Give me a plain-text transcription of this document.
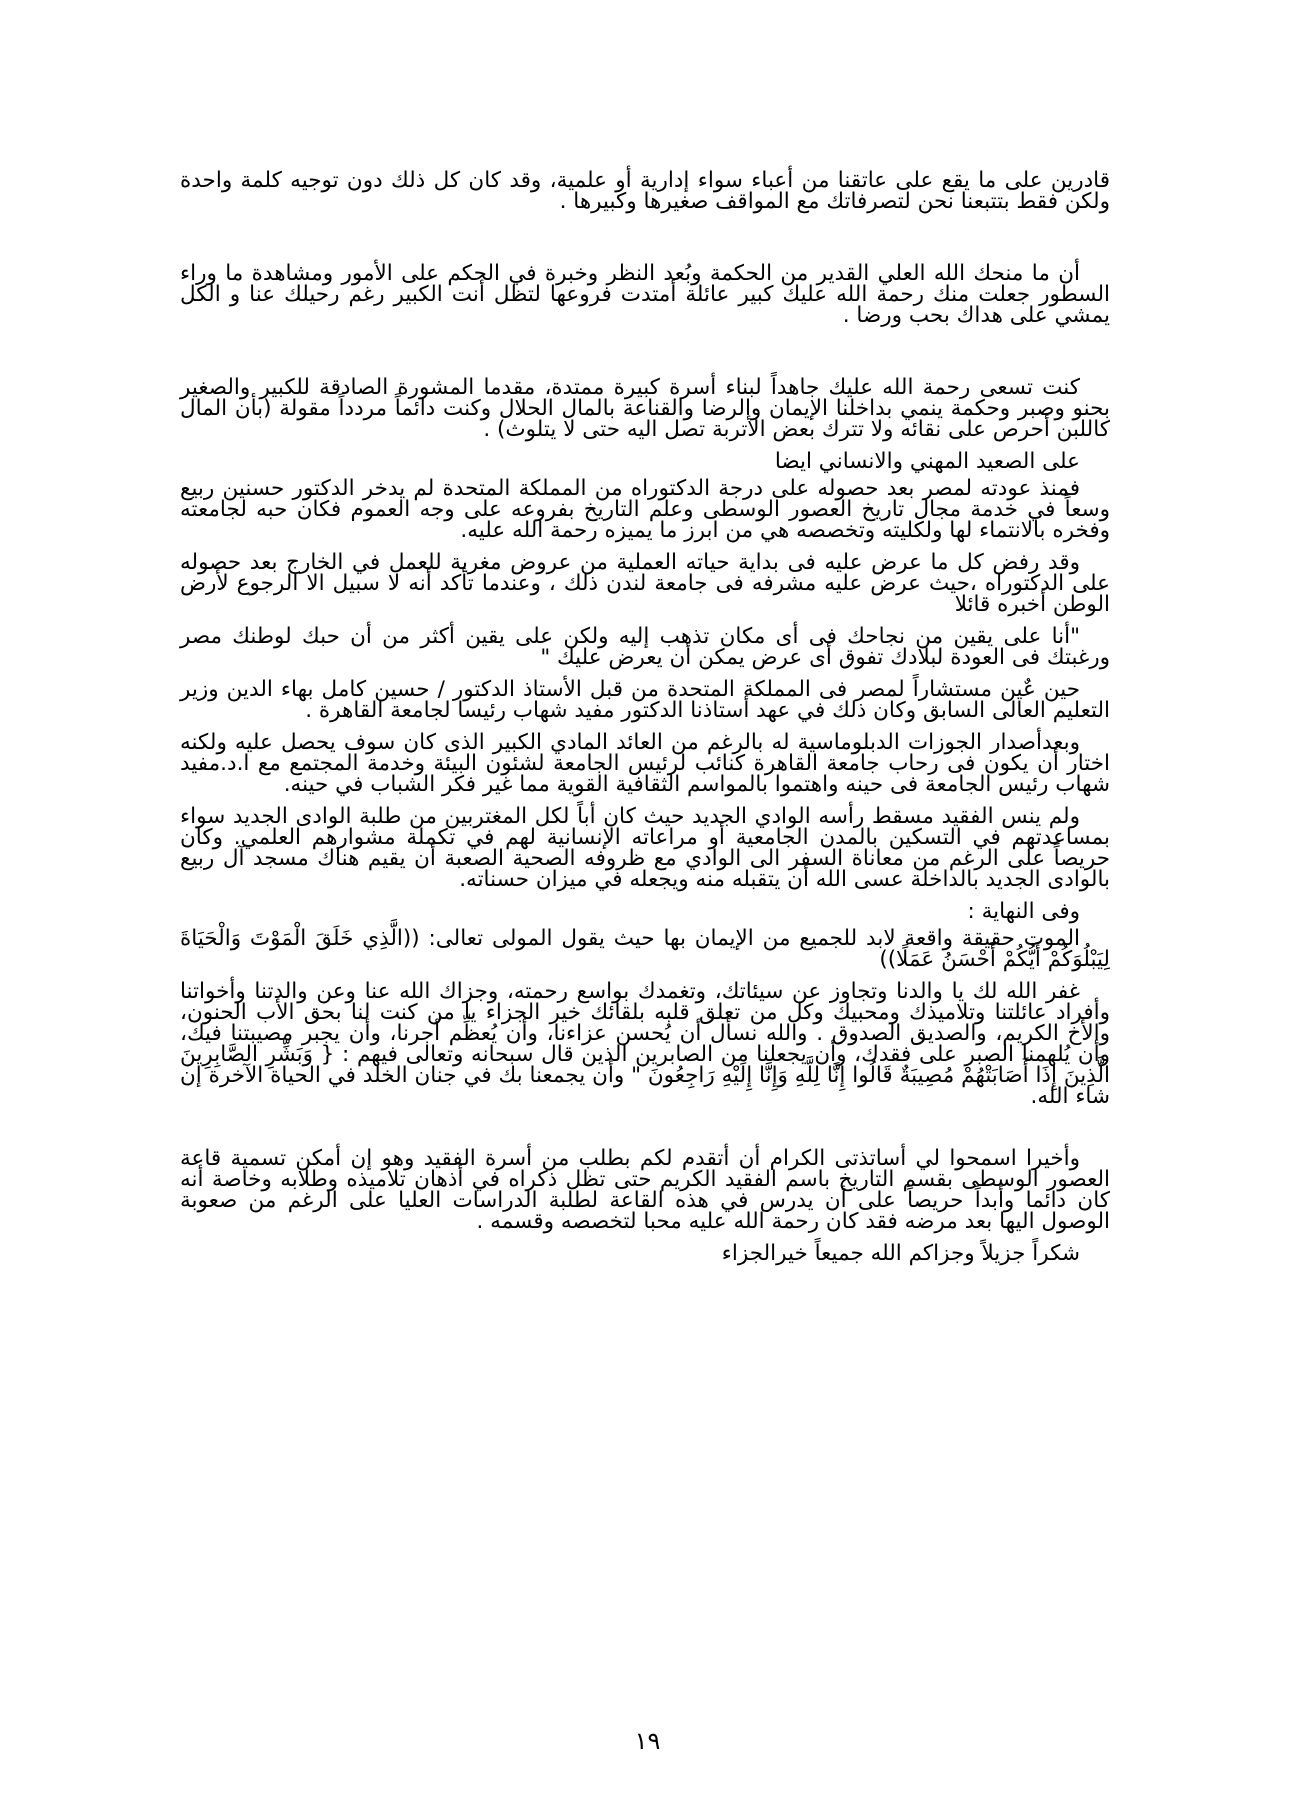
قادرين على ما يقع على عاتقنا من أعباء سواء إدارية أو علمية، وقد كان كل ذلك دون توجيه كلمة واحدة ولكن فقط بتتبعنا نحن لتصرفاتك مع المواقف صغيرها وكبيرها .

أن ما منحك الله العلي القدير من الحكمة وبُعد النظر وخبرة في الحكم على الأمور ومشاهدة ما وراء السطور جعلت منك رحمة الله عليك كبير عائلة أمتدت فروعها لتظل أنت الكبير رغم رحيلك عنا و الكل يمشي على هداك بحب ورضا .

كنت تسعى رحمة الله عليك جاهداً لبناء أسرة كبيرة ممتدة، مقدما المشورة الصادقة للكبير والصغير بحنو وصبر وحكمة ينمي بداخلنا الإيمان والرضا والقناعة بالمال الحلال وكنت دائماً مردداً مقولة (بأن المال كاللبن أحرص على نقائه ولا تترك بعض الأتربة تصل اليه حتى لا يتلوث) .

على الصعيد المهني والانساني ايضا

فمنذ عودته لمصر بعد حصوله على درجة الدكتوراه من المملكة المتحدة لم يدخر الدكتور حسنين ربيع وسعاً في خدمة مجال تاريخ العصور الوسطى وعلم التاريخ بفروعه على وجه العموم فكان حبه لجامعته وفخره بالانتماء لها ولكليته وتخصصه هي من ابرز ما يميزه رحمة الله عليه.

وقد رفض كل ما عرض عليه فى بداية حياته العملية من عروض مغرية للعمل في الخارج بعد حصوله على الدكتوراه ،حيث عرض عليه مشرفه فى جامعة لندن ذلك ، وعندما تأكد أنه لا سبيل الا الرجوع لأرض الوطن أخبره قائلا

"أنا على يقين من نجاحك فى أى مكان تذهب إليه ولكن على يقين أكثر من أن حبك لوطنك مصر ورغبتك فى العودة لبلادك تفوق أى عرض يمكن أن يعرض عليك "

حين عٌين مستشاراً لمصر فى المملكة المتحدة من قبل الأستاذ الدكتور / حسين كامل بهاء الدين وزير التعليم العالى السابق وكان ذلك في عهد أستاذنا الدكتور مفيد شهاب رئيسا لجامعة القاهرة .

وبعدأصدار الجوزات الدبلوماسية له بالرغم من العائد المادي الكبير الذى كان سوف يحصل عليه ولكنه اختار أن يكون فى رحاب جامعة القاهرة كنائب لرئيس الجامعة لشئون البيئة وخدمة المجتمع مع ا.د.مفيد شهاب رئيس الجامعة فى حينه واهتموا بالمواسم الثقافية القوية مما غير فكر الشباب في حينه.

ولم ينس الفقيد مسقط رأسه الوادي الجديد حيث كان أباً لكل المغتربين من طلبة الوادى الجديد سواء بمساعدتهم في التسكين بالمدن الجامعية أو مراعاته الإنسانية لهم في تكملة مشوارهم العلمي. وكان حريصاً على الرغم من معاناة السفر الى الوادي مع ظروفه الصحية الصعبة أن يقيم هناك مسجد آل ربيع بالوادى الجديد بالداخلة عسى الله أن يتقبله منه ويجعله في ميزان حسناته.

وفى النهاية :

الموت حقيقة واقعة لابد للجميع من الإيمان بها حيث يقول المولى تعالى: ((الَّذِي خَلَقَ الْمَوْتَ وَالْحَيَاةَ لِيَبْلُوَكُمْ أَيُّكُمْ أَحْسَنُ عَمَلًا))

غفر الله لك يا والدنا وتجاوز عن سيئاتك، وتغمدك بواسع رحمته، وجزاك الله عنا وعن والدتنا وأخواتنا وأفراد عائلتنا وتلاميذك ومحبيك وكل من تعلق قلبه بلقائك خير الجزاء يا من كنت لنا بحق الأب الحنون، والأخ الكريم، والصديق الصدوق . والله نسأل أن يُحسن عزاءنا، وأن يُعظِّم أجرنا، وأن يجبر مصيبتنا فيك، وأن يُلهمنا الصبر على فقدك، وأن يجعلنا من الصابرين الذين قال سبحانه وتعالى فيهم : { وَبَشِّرِ الصَّابِرِينَ الَّذِينَ إِذَا أَصَابَتْهُمْ مُصِيبَةٌ قَالُوا إِنَّا لِلَّهِ وَإِنَّا إِلَيْهِ رَاجِعُونَ " وأن يجمعنا بك في جنان الخلد في الحياة الآخرة إن شاء الله.

وأخيرا اسمحوا لي أساتذتى الكرام أن أتقدم لكم بطلب من أسرة الفقيد وهو إن أمكن تسمية قاعة العصور الوسطى بقسم التاريخ باسم الفقيد الكريم حتى تظل ذكراه في أذهان تلاميذه وطلابه وخاصة أنه كان دائما وأبداً حريصاً على أن يدرس في هذه القاعة لطلبة الدراسات العليا على الرغم من صعوبة الوصول اليها بعد مرضه فقد كان رحمة الله عليه محبا لتخصصه وقسمه .

شكراً جزيلاً وجزاكم الله جميعاً خيرالجزاء

١٩
